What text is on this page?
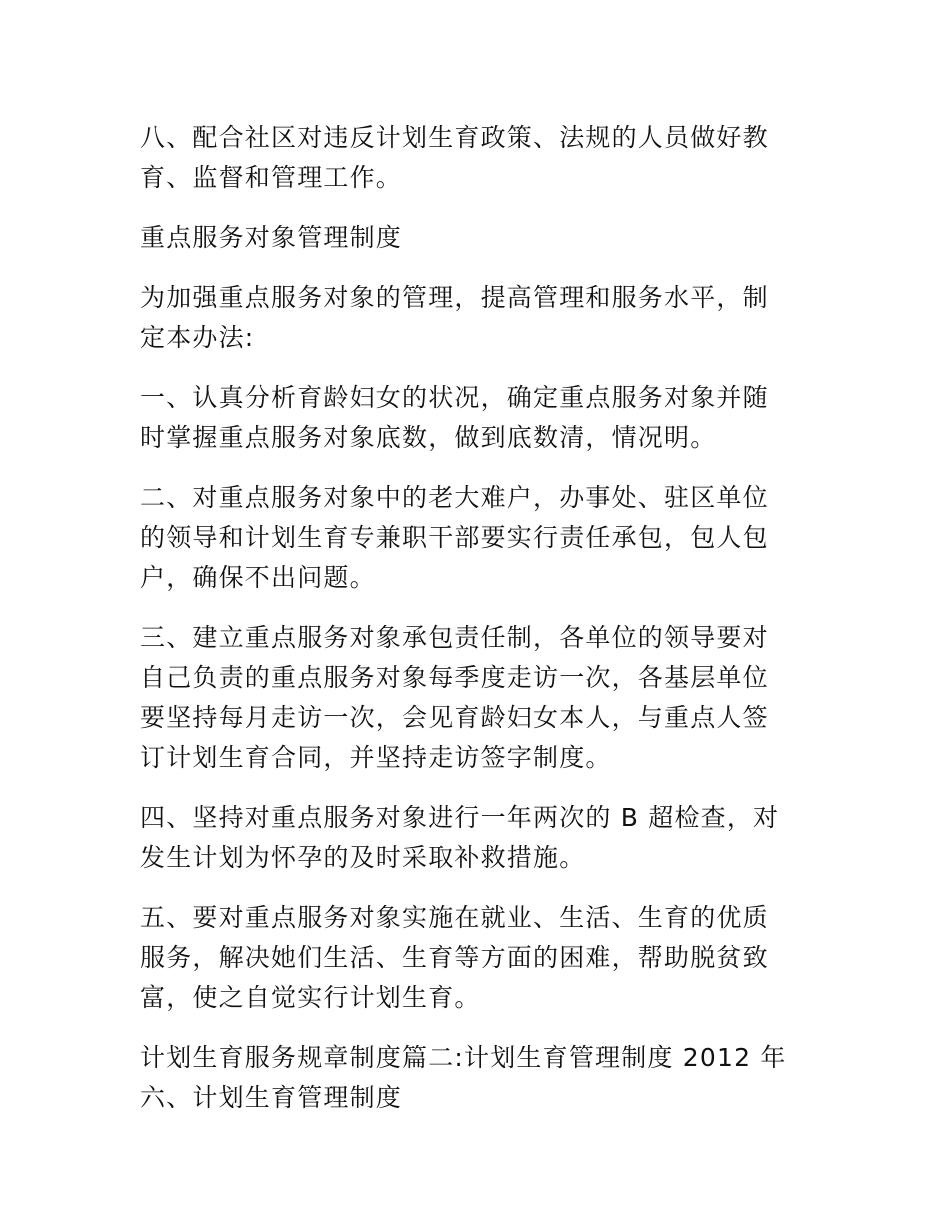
八、配合社区对违反计划生育政策、法规的人员做好教
育、监督和管理工作。

重点服务对象管理制度

为加强重点服务对象的管理，提高管理和服务水平，制
定本办法:

一、认真分析育龄妇女的状况，确定重点服务对象并随
时掌握重点服务对象底数，做到底数清，情况明。

二、对重点服务对象中的老大难户，办事处、驻区单位
的领导和计划生育专兼职干部要实行责任承包，包人包
户，确保不出问题。

三、建立重点服务对象承包责任制，各单位的领导要对
自己负责的重点服务对象每季度走访一次，各基层单位
要坚持每月走访一次，会见育龄妇女本人，与重点人签
订计划生育合同，并坚持走访签字制度。

四、坚持对重点服务对象进行一年两次的 B 超检查，对
发生计划为怀孕的及时采取补救措施。

五、要对重点服务对象实施在就业、生活、生育的优质
服务，解决她们生活、生育等方面的困难，帮助脱贫致
富，使之自觉实行计划生育。

计划生育服务规章制度篇二:计划生育管理制度 2012 年
六、计划生育管理制度
